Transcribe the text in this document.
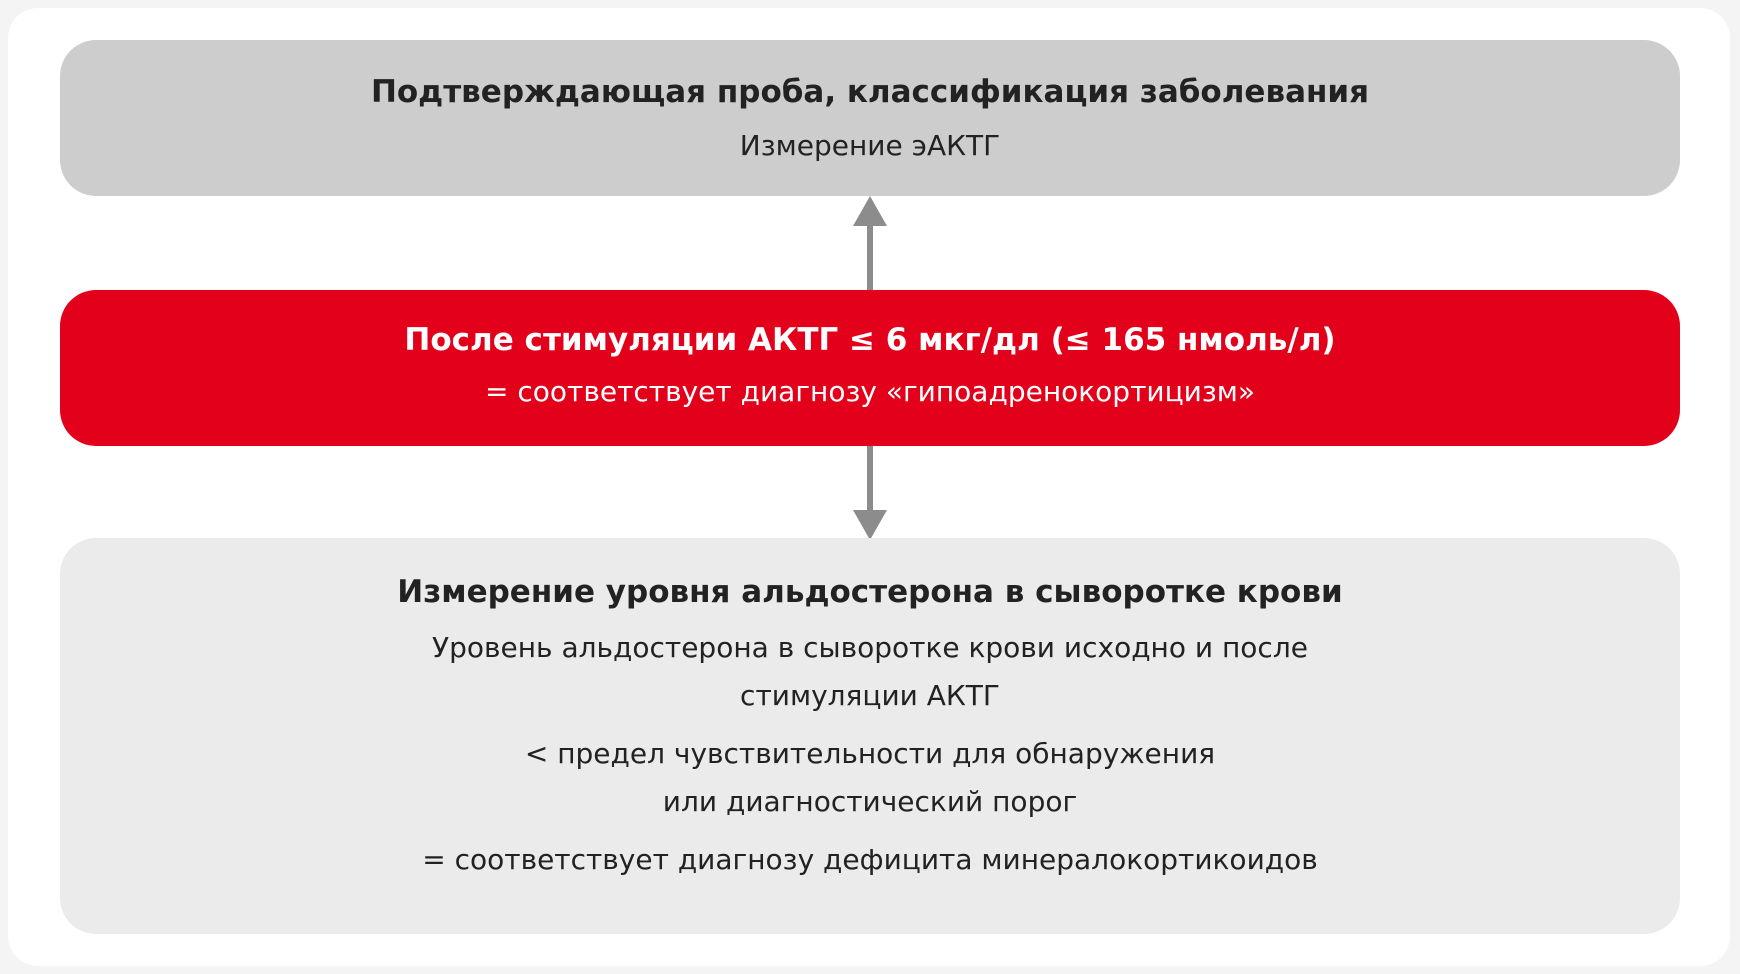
Подтверждающая проба, классификация заболевания
Измерение эАКТГ
После стимуляции АКТГ ≤ 6 мкг/дл (≤ 165 нмоль/л)
= соответствует диагнозу «гипоадренокортицизм»
Измерение уровня альдостерона в сыворотке крови
Уровень альдостерона в сыворотке крови исходно и после
стимуляции АКТГ
< предел чувствительности для обнаружения
или диагностический порог
= соответствует диагнозу дефицита минералокортикоидов
